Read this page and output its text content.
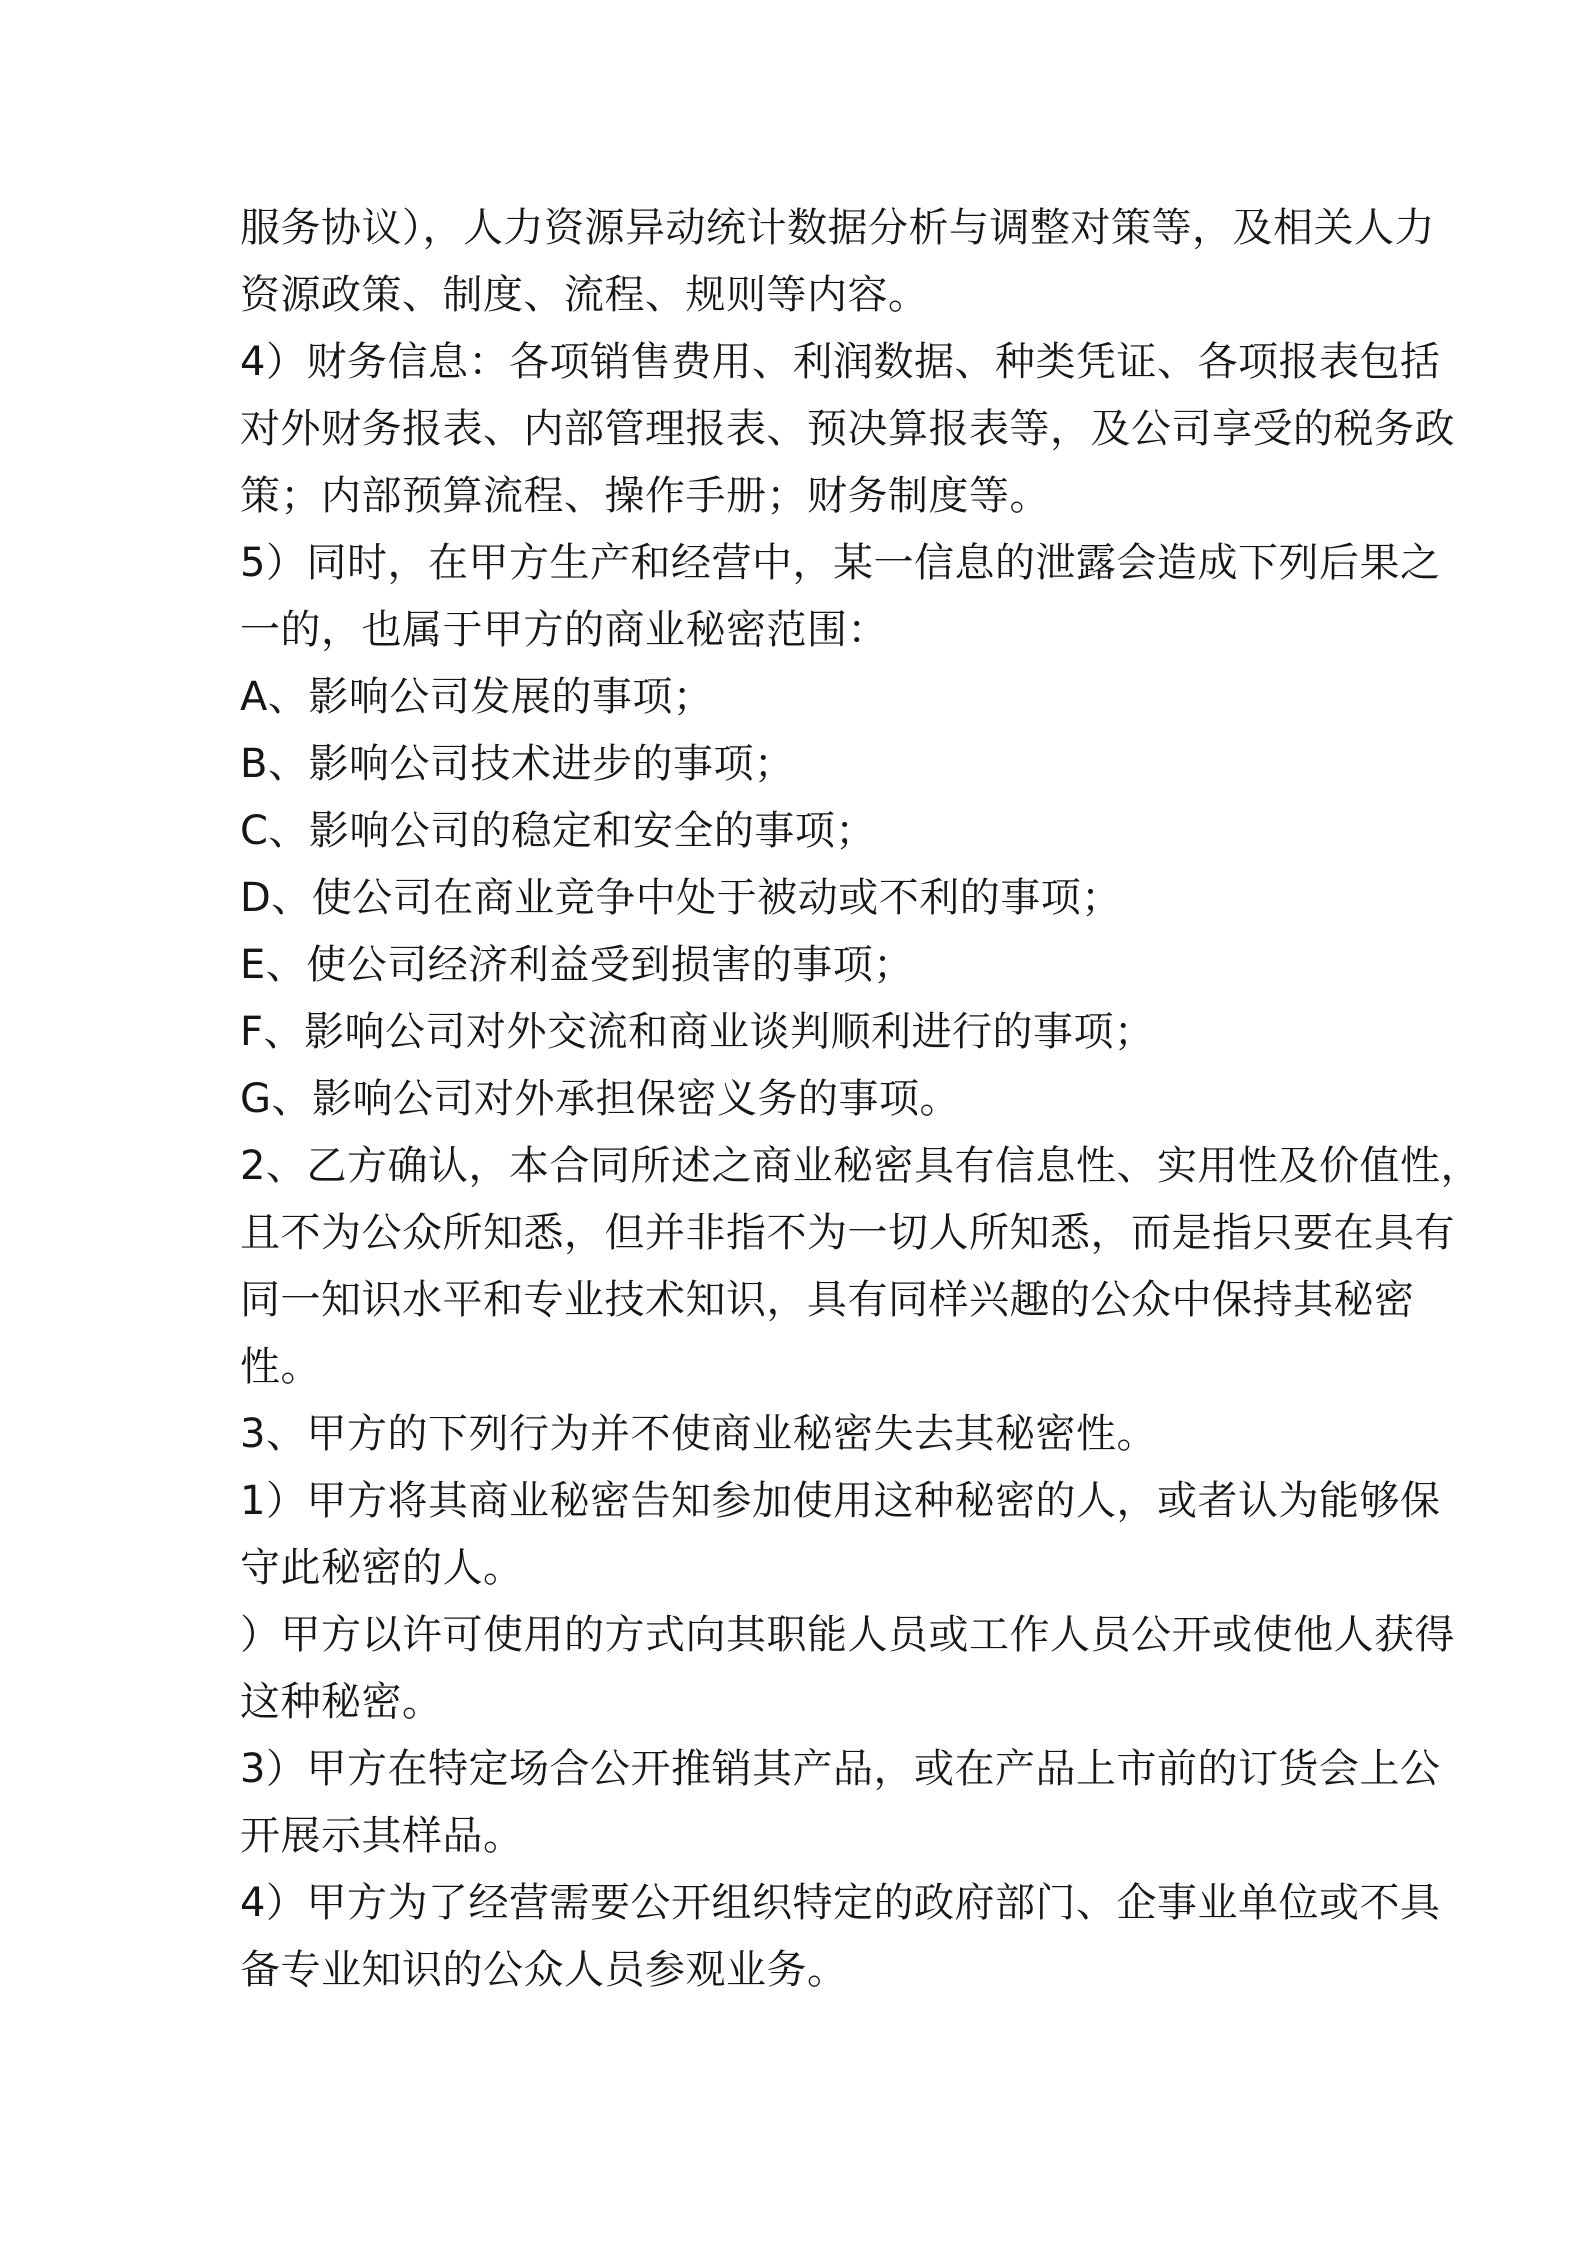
服务协议），人力资源异动统计数据分析与调整对策等，及相关人力

资源政策、制度、流程、规则等内容。

4）财务信息：各项销售费用、利润数据、种类凭证、各项报表包括

对外财务报表、内部管理报表、预决算报表等，及公司享受的税务政

策；内部预算流程、操作手册；财务制度等。

5）同时，在甲方生产和经营中，某一信息的泄露会造成下列后果之

一的，也属于甲方的商业秘密范围：

A、影响公司发展的事项；

B、影响公司技术进步的事项；

C、影响公司的稳定和安全的事项；

D、使公司在商业竞争中处于被动或不利的事项；

E、使公司经济利益受到损害的事项；

F、影响公司对外交流和商业谈判顺利进行的事项；

G、影响公司对外承担保密义务的事项。

2、乙方确认，本合同所述之商业秘密具有信息性、实用性及价值性，

且不为公众所知悉，但并非指不为一切人所知悉，而是指只要在具有

同一知识水平和专业技术知识，具有同样兴趣的公众中保持其秘密

性。

3、甲方的下列行为并不使商业秘密失去其秘密性。

1）甲方将其商业秘密告知参加使用这种秘密的人，或者认为能够保

守此秘密的人。

）甲方以许可使用的方式向其职能人员或工作人员公开或使他人获得

这种秘密。

3）甲方在特定场合公开推销其产品，或在产品上市前的订货会上公

开展示其样品。

4）甲方为了经营需要公开组织特定的政府部门、企事业单位或不具

备专业知识的公众人员参观业务。
